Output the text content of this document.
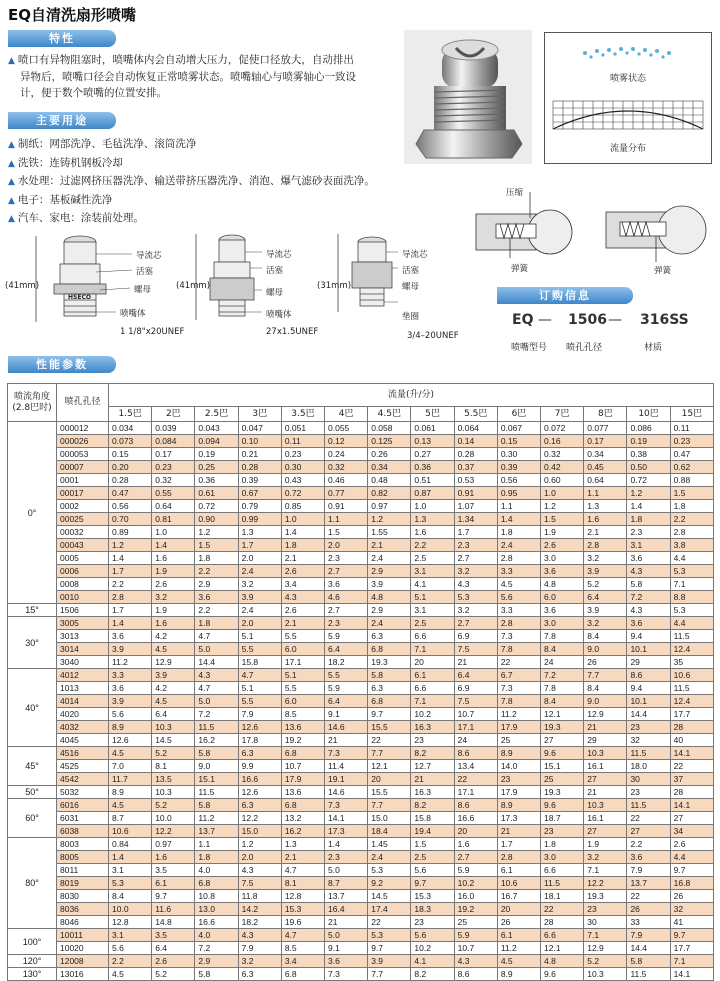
EQ自清洗扇形喷嘴
特性
▲ 喷口有异物阻塞时，喷嘴体内会自动增大压力，促使口径放大，自动排出
异物后，喷嘴口径会自动恢复正常喷雾状态。喷嘴轴心与喷雾轴心一致设
计，便于数个喷嘴的位置安排。
主要用途
▲ 制纸：网部洗净、毛毡洗净、滚筒洗净
▲ 洗铁：连铸机钢板冷却
▲ 水处理：过滤网挤压器洗净、输送带挤压器洗净、消泡、爆气滤砂表面洗净。
▲ 电子：基板碱性洗净
▲ 汽车、家电：涂装前处理。
喷雾状态
流量分布
(41mm)
导流芯
活塞
螺母
喷嘴体
1 1/8"x20UNEF
HSECO
(41mm)
导流芯
活塞
螺母
喷嘴体
27x1.5UNEF
(31mm)
导流芯
活塞
螺母
垫圈
3/4–20UNEF
压缩
弹簧	弹簧
订购信息
EQ — 1506 — 316SS
喷嘴型号 喷孔孔径	材质
性能参数
喷流角度(2.8巴时)	喷孔孔径	流量(升/分)													
		1.5巴	2巴	2.5巴	3巴	3.5巴	4巴	4.5巴	5巴	5.5巴	6巴	7巴	8巴	10巴	15巴
0°	000012	0.034	0.039	0.043	0.047	0.051	0.055	0.058	0.061	0.064	0.067	0.072	0.077	0.086	0.11
	000026	0.073	0.084	0.094	0.10	0.11	0.12	0.125	0.13	0.14	0.15	0.16	0.17	0.19	0.23
	000053	0.15	0.17	0.19	0.21	0.23	0.24	0.26	0.27	0.28	0.30	0.32	0.34	0.38	0.47
	00007	0.20	0.23	0.25	0.28	0.30	0.32	0.34	0.36	0.37	0.39	0.42	0.45	0.50	0.62
	0001	0.28	0.32	0.36	0.39	0.43	0.46	0.48	0.51	0.53	0.56	0.60	0.64	0.72	0.88
	00017	0.47	0.55	0.61	0.67	0.72	0.77	0.82	0.87	0.91	0.95	1.0	1.1	1.2	1.5
	0002	0.56	0.64	0.72	0.79	0.85	0.91	0.97	1.0	1.07	1.1	1.2	1.3	1.4	1.8
	00025	0.70	0.81	0.90	0.99	1.0	1.1	1.2	1.3	1.34	1.4	1.5	1.6	1.8	2.2
	00032	0.89	1.0	1.2	1.3	1.4	1.5	1.55	1.6	1.7	1.8	1.9	2.1	2.3	2.8
	00043	1.2	1.4	1.5	1.7	1.8	2.0	2.1	2.2	2.3	2.4	2.6	2.8	3.1	3.8
	0005	1.4	1.6	1.8	2.0	2.1	2.3	2.4	2.5	2.7	2.8	3.0	3.2	3.6	4.4
	0006	1.7	1.9	2.2	2.4	2.6	2.7	2.9	3.1	3.2	3.3	3.6	3.9	4.3	5.3
	0008	2.2	2.6	2.9	3.2	3.4	3.6	3.9	4.1	4.3	4.5	4.8	5.2	5.8	7.1
	0010	2.8	3.2	3.6	3.9	4.3	4.6	4.8	5.1	5.3	5.6	6.0	6.4	7.2	8.8
15°	1506	1.7	1.9	2.2	2.4	2.6	2.7	2.9	3.1	3.2	3.3	3.6	3.9	4.3	5.3
30°	3005	1.4	1.6	1.8	2.0	2.1	2.3	2.4	2.5	2.7	2.8	3.0	3.2	3.6	4.4
	3013	3.6	4.2	4.7	5.1	5.5	5.9	6.3	6.6	6.9	7.3	7.8	8.4	9.4	11.5
	3014	3.9	4.5	5.0	5.5	6.0	6.4	6.8	7.1	7.5	7.8	8.4	9.0	10.1	12.4
	3040	11.2	12.9	14.4	15.8	17.1	18.2	19.3	20	21	22	24	26	29	35
40°	4012	3.3	3.9	4.3	4.7	5.1	5.5	5.8	6.1	6.4	6.7	7.2	7.7	8.6	10.6
	1013	3.6	4.2	4.7	5.1	5.5	5.9	6.3	6.6	6.9	7.3	7.8	8.4	9.4	11.5
	4014	3.9	4.5	5.0	5.5	6.0	6.4	6.8	7.1	7.5	7.8	8.4	9.0	10.1	12.4
	4020	5.6	6.4	7.2	7.9	8.5	9.1	9.7	10.2	10.7	11.2	12.1	12.9	14.4	17.7
	4032	8.9	10.3	11.5	12.6	13.6	14.6	15.5	16.3	17.1	17.9	19.3	21	23	28
	4045	12.6	14.5	16.2	17.8	19.2	21	22	23	24	25	27	29	32	40
45°	4516	4.5	5.2	5.8	6.3	6.8	7.3	7.7	8.2	8.6	8.9	9.6	10.3	11.5	14.1
	4525	7.0	8.1	9.0	9.9	10.7	11.4	12.1	12.7	13.4	14.0	15.1	16.1	18.0	22
	4542	11.7	13.5	15.1	16.6	17.9	19.1	20	21	22	23	25	27	30	37
50°	5032	8.9	10.3	11.5	12.6	13.6	14.6	15.5	16.3	17.1	17.9	19.3	21	23	28
60°	6016	4.5	5.2	5.8	6.3	6.8	7.3	7.7	8.2	8.6	8.9	9.6	10.3	11.5	14.1
	6031	8.7	10.0	11.2	12.2	13.2	14.1	15.0	15.8	16.6	17.3	18.7	16.1	22	27
	6038	10.6	12.2	13.7	15.0	16.2	17.3	18.4	19.4	20	21	23	27	27	34
80°	8003	0.84	0.97	1.1	1.2	1.3	1.4	1.45	1.5	1.6	1.7	1.8	1.9	2.2	2.6
	8005	1.4	1.6	1.8	2.0	2.1	2.3	2.4	2.5	2.7	2.8	3.0	3.2	3.6	4.4
	8011	3.1	3.5	4.0	4.3	4.7	5.0	5.3	5.6	5.9	6.1	6.6	7.1	7.9	9.7
	8019	5.3	6.1	6.8	7.5	8.1	8.7	9.2	9.7	10.2	10.6	11.5	12.2	13.7	16.8
	8030	8.4	9.7	10.8	11.8	12.8	13.7	14.5	15.3	16.0	16.7	18.1	19.3	22	26
	8036	10.0	11.6	13.0	14.2	15.3	16.4	17.4	18.3	19.2	20	22	23	26	32
	8046	12.8	14.8	16.6	18.2	19.6	21	22	23	25	26	28	30	33	41
100°	10011	3.1	3.5	4.0	4.3	4.7	5.0	5.3	5.6	5.9	6.1	6.6	7.1	7.9	9.7
	10020	5.6	6.4	7.2	7.9	8.5	9.1	9.7	10.2	10.7	11.2	12.1	12.9	14.4	17.7
120°	12008	2.2	2.6	2.9	3.2	3.4	3.6	3.9	4.1	4.3	4.5	4.8	5.2	5.8	7.1
130°	13016	4.5	5.2	5.8	6.3	6.8	7.3	7.7	8.2	8.6	8.9	9.6	10.3	11.5	14.1
